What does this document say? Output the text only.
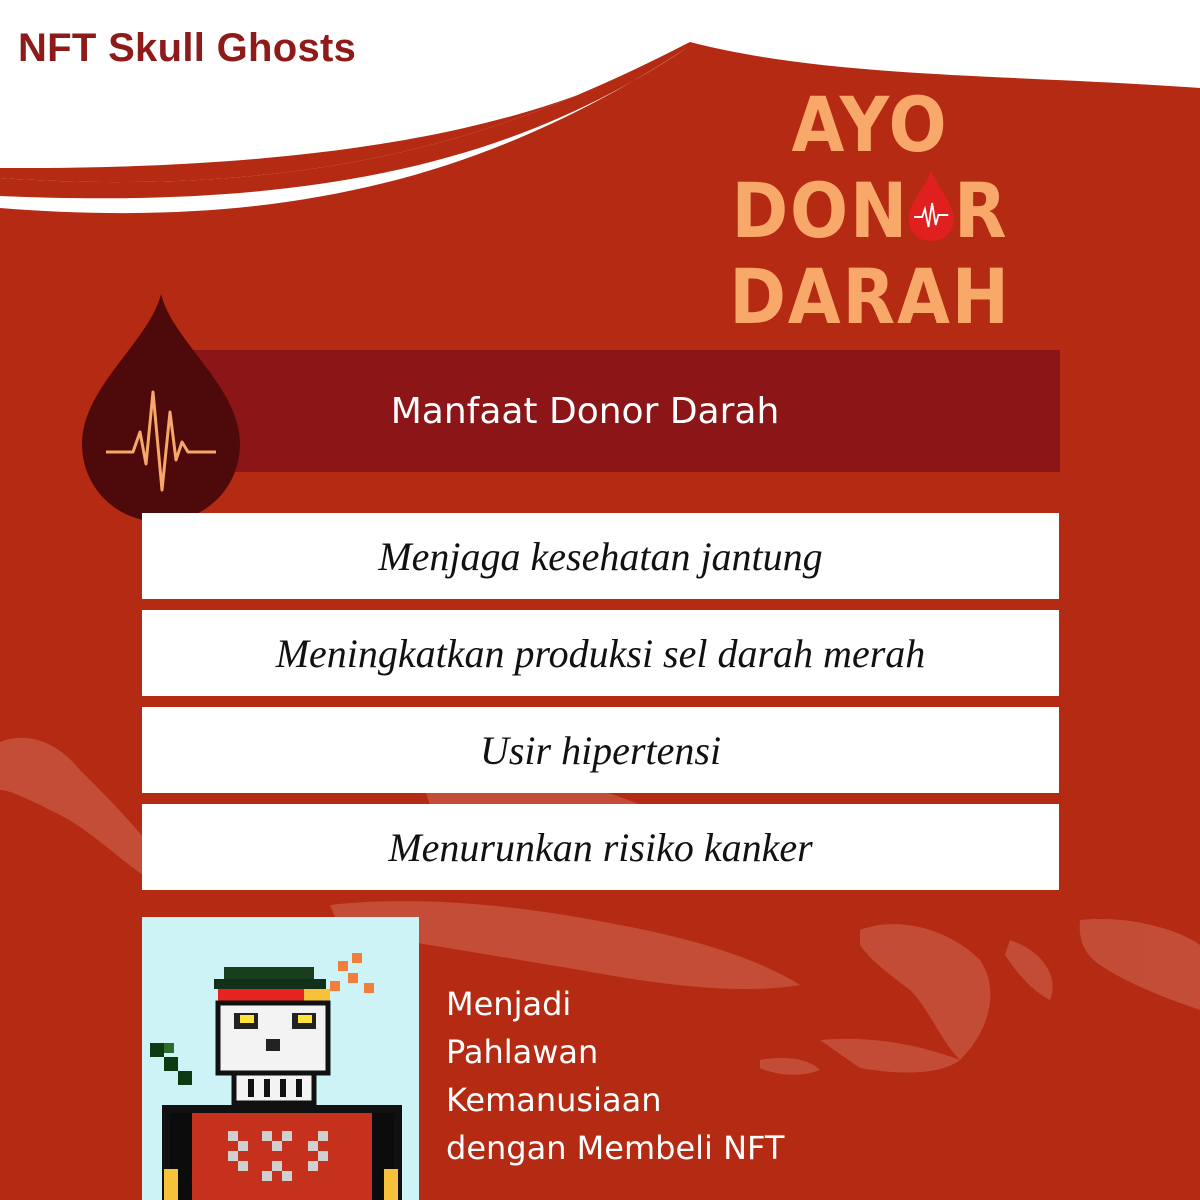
NFT Skull Ghosts
AYO
DON R
DARAH
Manfaat Donor Darah
Menjaga kesehatan jantung
Meningkatkan produksi sel darah merah
Usir hipertensi
Menurunkan risiko kanker
Menjadi
Pahlawan
Kemanusiaan
dengan Membeli NFT
